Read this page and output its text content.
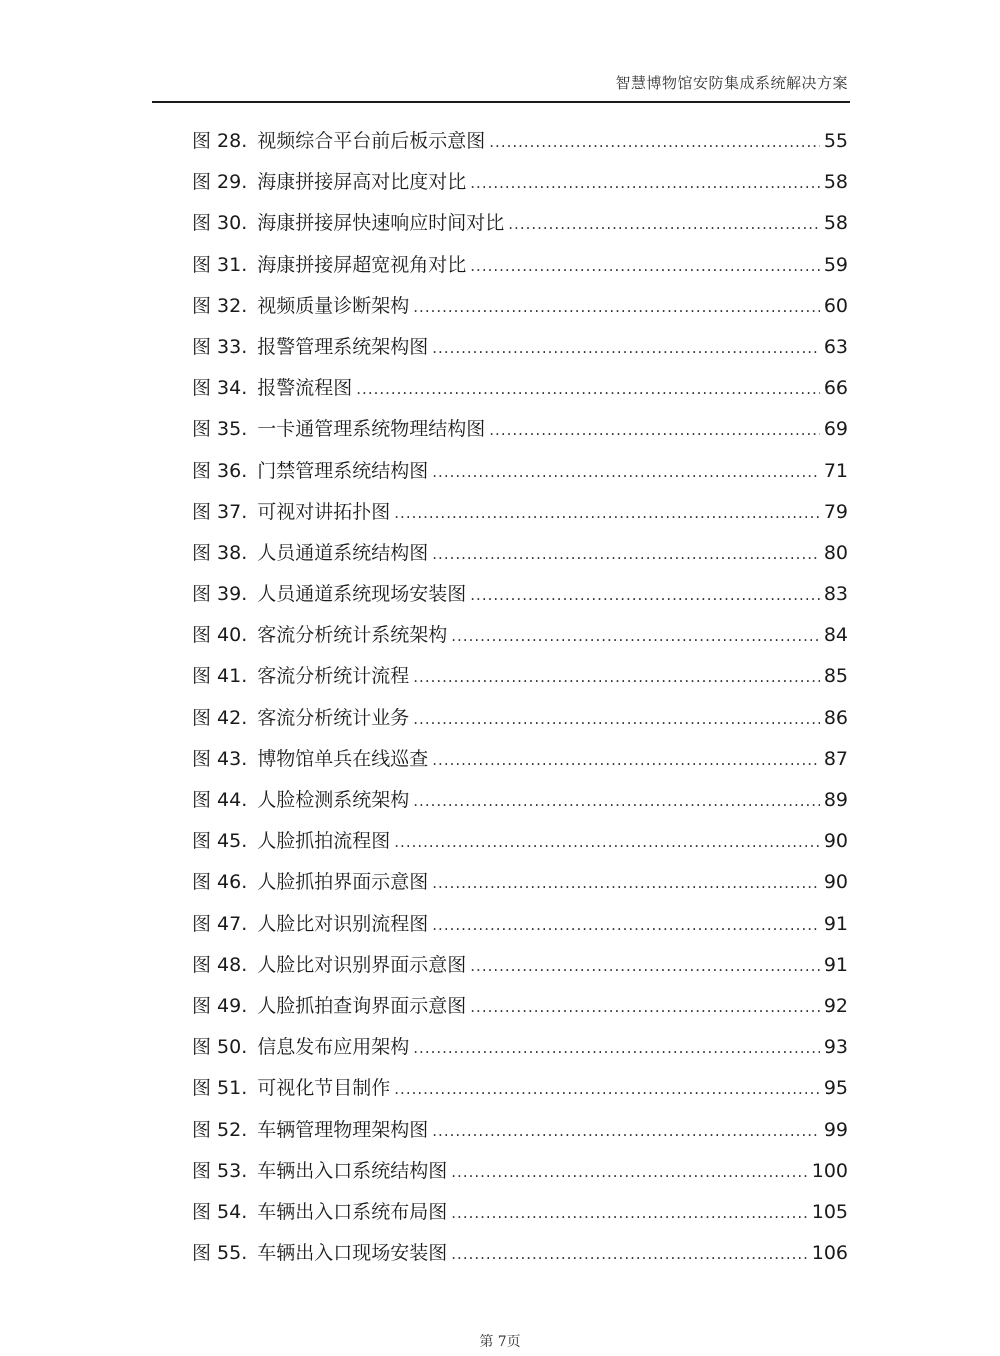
智慧博物馆安防集成系统解决方案
图 28. 视频综合平台前后板示意图 .....	55
图 29. 海康拼接屏高对比度对比 .....	58
图 30. 海康拼接屏快速响应时间对比 .....	58
图 31. 海康拼接屏超宽视角对比 .....	59
图 32. 视频质量诊断架构 .....	60
图 33. 报警管理系统架构图 .....	63
图 34. 报警流程图 .....	66
图 35. 一卡通管理系统物理结构图 .....	69
图 36. 门禁管理系统结构图 .....	71
图 37. 可视对讲拓扑图 .....	79
图 38. 人员通道系统结构图 .....	80
图 39. 人员通道系统现场安装图 .....	83
图 40. 客流分析统计系统架构 .....	84
图 41. 客流分析统计流程 .....	85
图 42. 客流分析统计业务 .....	86
图 43. 博物馆单兵在线巡查 .....	87
图 44. 人脸检测系统架构 .....	89
图 45. 人脸抓拍流程图 .....	90
图 46. 人脸抓拍界面示意图 .....	90
图 47. 人脸比对识别流程图 .....	91
图 48. 人脸比对识别界面示意图 .....	91
图 49. 人脸抓拍查询界面示意图 .....	92
图 50. 信息发布应用架构 .....	93
图 51. 可视化节目制作 .....	95
图 52. 车辆管理物理架构图 .....	99
图 53. 车辆出入口系统结构图 .....	100
图 54. 车辆出入口系统布局图 .....	105
图 55. 车辆出入口现场安装图 .....	106
第 7页
